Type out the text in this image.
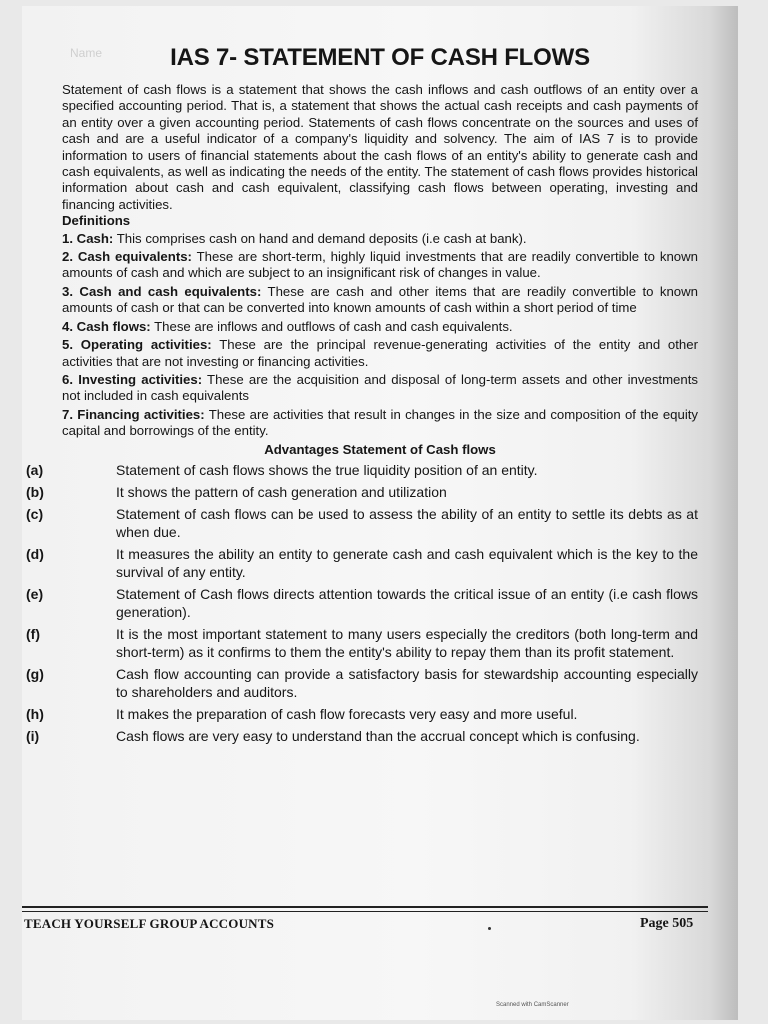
Name	IAS 7- STATEMENT OF CASH FLOWS

Statement of cash flows is a statement that shows the cash inflows and cash outflows of an entity over a specified accounting period. That is, a statement that shows the actual cash receipts and cash payments of an entity over a given accounting period. Statements of cash flows concentrate on the sources and uses of cash and are a useful indicator of a company's liquidity and solvency. The aim of IAS 7 is to provide information to users of financial statements about the cash flows of an entity's ability to generate cash and cash equivalents, as well as indicating the needs of the entity. The statement of cash flows provides historical information about cash and cash equivalent, classifying cash flows between operating, investing and financing activities.

Definitions

1. Cash: This comprises cash on hand and demand deposits (i.e cash at bank).

2. Cash equivalents: These are short-term, highly liquid investments that are readily convertible to known amounts of cash and which are subject to an insignificant risk of changes in value.

3. Cash and cash equivalents: These are cash and other items that are readily convertible to known amounts of cash or that can be converted into known amounts of cash within a short period of time

4. Cash flows: These are inflows and outflows of cash and cash equivalents.

5. Operating activities: These are the principal revenue-generating activities of the entity and other activities that are not investing or financing activities.

6. Investing activities: These are the acquisition and disposal of long-term assets and other investments not included in cash equivalents

7. Financing activities: These are activities that result in changes in the size and composition of the equity capital and borrowings of the entity.

Advantages Statement of Cash flows

(a)	Statement of cash flows shows the true liquidity position of an entity.

(b)	It shows the pattern of cash generation and utilization

(c)	Statement of cash flows can be used to assess the ability of an entity to settle its debts as at when due.

(d)	It measures the ability an entity to generate cash and cash equivalent which is the key to the survival of any entity.

(e)	Statement of Cash flows directs attention towards the critical issue of an entity (i.e cash flows generation).

(f)	It is the most important statement to many users especially the creditors (both long-term and short-term) as it confirms to them the entity's ability to repay them than its profit statement.

(g)	Cash flow accounting can provide a satisfactory basis for stewardship accounting especially to shareholders and auditors.

(h)	It makes the preparation of cash flow forecasts very easy and more useful.

(i)	Cash flows are very easy to understand than the accrual concept which is confusing.

TEACH YOURSELF GROUP ACCOUNTS	Page 505
Scanned with CamScanner
